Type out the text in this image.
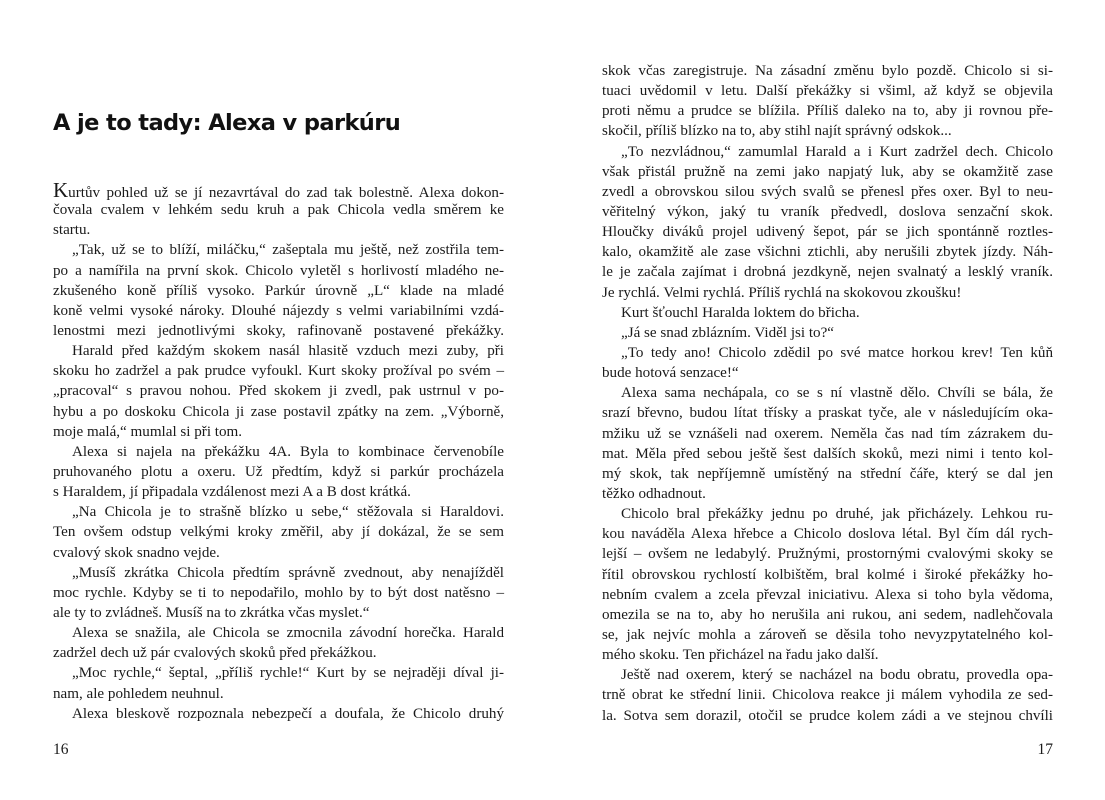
A je to tady: Alexa v parkúru
Kurtův pohled už se jí nezavrtával do zad tak bolestně. Alexa dokon-
čovala cvalem v lehkém sedu kruh a pak Chicola vedla směrem ke
startu.
„Tak, už se to blíží, miláčku,“ zašeptala mu ještě, než zostřila tem-
po a namířila na první skok. Chicolo vyletěl s horlivostí mladého ne-
zkušeného koně příliš vysoko. Parkúr úrovně „L“ klade na mladé
koně velmi vysoké nároky. Dlouhé nájezdy s velmi variabilními vzdá-
lenostmi mezi jednotlivými skoky, rafinovaně postavené překážky.
Harald před každým skokem nasál hlasitě vzduch mezi zuby, při
skoku ho zadržel a pak prudce vyfoukl. Kurt skoky prožíval po svém –
„pracoval“ s pravou nohou. Před skokem ji zvedl, pak ustrnul v po-
hybu a po doskoku Chicola ji zase postavil zpátky na zem. „Výborně,
moje malá,“ mumlal si při tom.
Alexa si najela na překážku 4A. Byla to kombinace červenobíle
pruhovaného plotu a oxeru. Už předtím, když si parkúr procházela
s Haraldem, jí připadala vzdálenost mezi A a B dost krátká.
„Na Chicola je to strašně blízko u sebe,“ stěžovala si Haraldovi.
Ten ovšem odstup velkými kroky změřil, aby jí dokázal, že se sem
cvalový skok snadno vejde.
„Musíš zkrátka Chicola předtím správně zvednout, aby nenajížděl
moc rychle. Kdyby se ti to nepodařilo, mohlo by to být dost natěsno –
ale ty to zvládneš. Musíš na to zkrátka včas myslet.“
Alexa se snažila, ale Chicola se zmocnila závodní horečka. Harald
zadržel dech už pár cvalových skoků před překážkou.
„Moc rychle,“ šeptal, „příliš rychle!“ Kurt by se nejraději díval ji-
nam, ale pohledem neuhnul.
Alexa bleskově rozpoznala nebezpečí a doufala, že Chicolo druhý
16
skok včas zaregistruje. Na zásadní změnu bylo pozdě. Chicolo si si-
tuaci uvědomil v letu. Další překážky si všiml, až když se objevila
proti němu a prudce se blížila. Příliš daleko na to, aby ji rovnou pře-
skočil, příliš blízko na to, aby stihl najít správný odskok...
„To nezvládnou,“ zamumlal Harald a i Kurt zadržel dech. Chicolo
však přistál pružně na zemi jako napjatý luk, aby se okamžitě zase
zvedl a obrovskou silou svých svalů se přenesl přes oxer. Byl to neu-
věřitelný výkon, jaký tu vraník předvedl, doslova senzační skok.
Hloučky diváků projel udivený šepot, pár se jich spontánně roztles-
kalo, okamžitě ale zase všichni ztichli, aby nerušili zbytek jízdy. Náh-
le je začala zajímat i drobná jezdkyně, nejen svalnatý a lesklý vraník.
Je rychlá. Velmi rychlá. Příliš rychlá na skokovou zkoušku!
Kurt šťouchl Haralda loktem do břicha.
„Já se snad zblázním. Viděl jsi to?“
„To tedy ano! Chicolo zdědil po své matce horkou krev! Ten kůň
bude hotová senzace!“
Alexa sama nechápala, co se s ní vlastně dělo. Chvíli se bála, že
srazí břevno, budou lítat třísky a praskat tyče, ale v následujícím oka-
mžiku už se vznášeli nad oxerem. Neměla čas nad tím zázrakem du-
mat. Měla před sebou ještě šest dalších skoků, mezi nimi i tento kol-
mý skok, tak nepříjemně umístěný na střední čáře, který se dal jen
těžko odhadnout.
Chicolo bral překážky jednu po druhé, jak přicházely. Lehkou ru-
kou naváděla Alexa hřebce a Chicolo doslova létal. Byl čím dál rych-
lejší – ovšem ne ledabylý. Pružnými, prostornými cvalovými skoky se
řítil obrovskou rychlostí kolbištěm, bral kolmé i široké překážky ho-
nebním cvalem a zcela převzal iniciativu. Alexa si toho byla vědoma,
omezila se na to, aby ho nerušila ani rukou, ani sedem, nadlehčovala
se, jak nejvíc mohla a zároveň se děsila toho nevyzpytatelného kol-
mého skoku. Ten přicházel na řadu jako další.
Ještě nad oxerem, který se nacházel na bodu obratu, provedla opa-
trně obrat ke střední linii. Chicolova reakce ji málem vyhodila ze sed-
la. Sotva sem dorazil, otočil se prudce kolem zádi a ve stejnou chvíli
17
